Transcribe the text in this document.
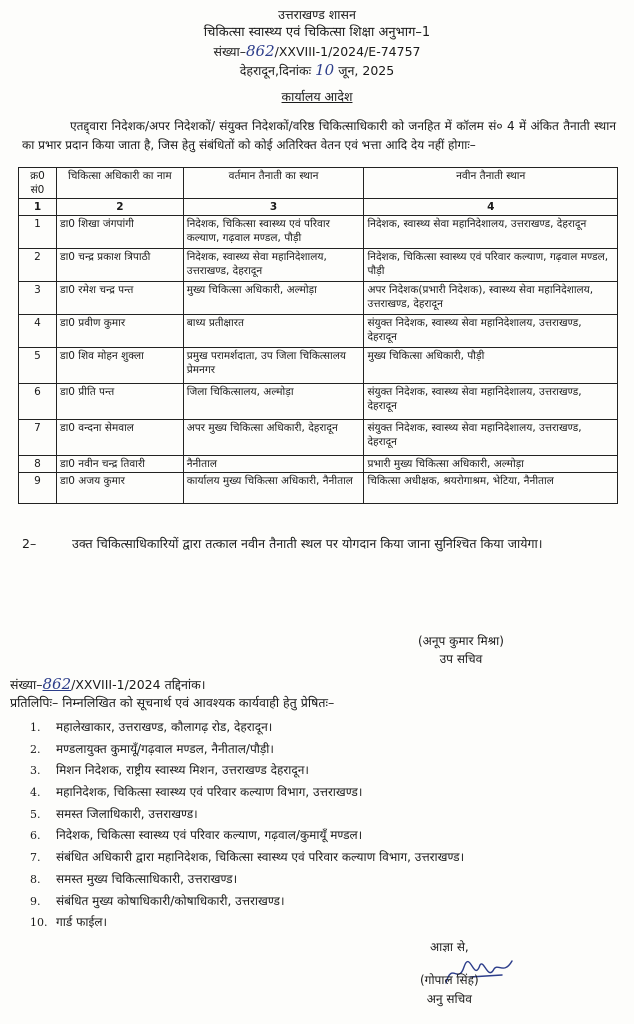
उत्तराखण्ड शासन
चिकित्सा स्वास्थ्य एवं चिकित्सा शिक्षा अनुभाग–1
संख्या–862/XXVIII-1/2024/E-74757
देहरादून,दिनांकः 10 जून, 2025
कार्यालय आदेश

एतद्द्वारा निदेशक/अपर निदेशकों/ संयुक्त निदेशकों/वरिष्ठ चिकित्साधिकारी को जनहित में कॉलम सं० 4 में अंकित तैनाती स्थान का प्रभार प्रदान किया जाता है, जिस हेतु संबंधितों को कोई अतिरिक्त वेतन एवं भत्ता आदि देय नहीं होगाः–

क्र0 सं0	चिकित्सा अधिकारी का नाम	वर्तमान तैनाती का स्थान	नवीन तैनाती स्थान
1	2	3	4
1	डा0 शिखा जंगपांगी	निदेशक, चिकित्सा स्वास्थ्य एवं परिवार कल्याण, गढ़वाल मण्डल, पौड़ी	निदेशक, स्वास्थ्य सेवा महानिदेशालय, उत्तराखण्ड, देहरादून
2	डा0 चन्द्र प्रकाश त्रिपाठी	निदेशक, स्वास्थ्य सेवा महानिदेशालय, उत्तराखण्ड, देहरादून	निदेशक, चिकित्सा स्वास्थ्य एवं परिवार कल्याण, गढ़वाल मण्डल, पौड़ी
3	डा0 रमेश चन्द्र पन्त	मुख्य चिकित्सा अधिकारी, अल्मोड़ा	अपर निदेशक(प्रभारी निदेशक), स्वास्थ्य सेवा महानिदेशालय, उत्तराखण्ड, देहरादून
4	डा0 प्रवीण कुमार	बाध्य प्रतीक्षारत	संयुक्त निदेशक, स्वास्थ्य सेवा महानिदेशालय, उत्तराखण्ड, देहरादून
5	डा0 शिव मोहन शुक्ला	प्रमुख परामर्शदाता, उप जिला चिकित्सालय प्रेमनगर	मुख्य चिकित्सा अधिकारी, पौड़ी
6	डा0 प्रीति पन्त	जिला चिकित्सालय, अल्मोड़ा	संयुक्त निदेशक, स्वास्थ्य सेवा महानिदेशालय, उत्तराखण्ड, देहरादून
7	डा0 वन्दना सेमवाल	अपर मुख्य चिकित्सा अधिकारी, देहरादून	संयुक्त निदेशक, स्वास्थ्य सेवा महानिदेशालय, उत्तराखण्ड, देहरादून
8	डा0 नवीन चन्द्र तिवारी	नैनीताल	प्रभारी मुख्य चिकित्सा अधिकारी, अल्मोड़ा
9	डा0 अजय कुमार	कार्यालय मुख्य चिकित्सा अधिकारी, नैनीताल	चिकित्सा अधीक्षक, श्रयरोगाश्रम, भेटिया, नैनीताल

2–	उक्त चिकित्साधिकारियों द्वारा तत्काल नवीन तैनाती स्थल पर योगदान किया जाना सुनिश्चित किया जायेगा।

(अनूप कुमार मिश्रा)
उप सचिव
संख्या–862/XXVIII-1/2024 तद्दिनांक।
प्रतिलिपिः– निम्नलिखित को सूचनार्थ एवं आवश्यक कार्यवाही हेतु प्रेषितः–
1. महालेखाकार, उत्तराखण्ड, कौलागढ़ रोड, देहरादून।
2. मण्डलायुक्त कुमायूँ/गढ़वाल मण्डल, नैनीताल/पौड़ी।
3. मिशन निदेशक, राष्ट्रीय स्वास्थ्य मिशन, उत्तराखण्ड देहरादून।
4. महानिदेशक, चिकित्सा स्वास्थ्य एवं परिवार कल्याण विभाग, उत्तराखण्ड।
5. समस्त जिलाधिकारी, उत्तराखण्ड।
6. निदेशक, चिकित्सा स्वास्थ्य एवं परिवार कल्याण, गढ़वाल/कुमायूँ मण्डल।
7. संबंधित अधिकारी द्वारा महानिदेशक, चिकित्सा स्वास्थ्य एवं परिवार कल्याण विभाग, उत्तराखण्ड।
8. समस्त मुख्य चिकित्साधिकारी, उत्तराखण्ड।
9. संबंधित मुख्य कोषाधिकारी/कोषाधिकारी, उत्तराखण्ड।
10. गार्ड फाईल।
आज्ञा से,
(गोपाल सिंह)
अनु सचिव
